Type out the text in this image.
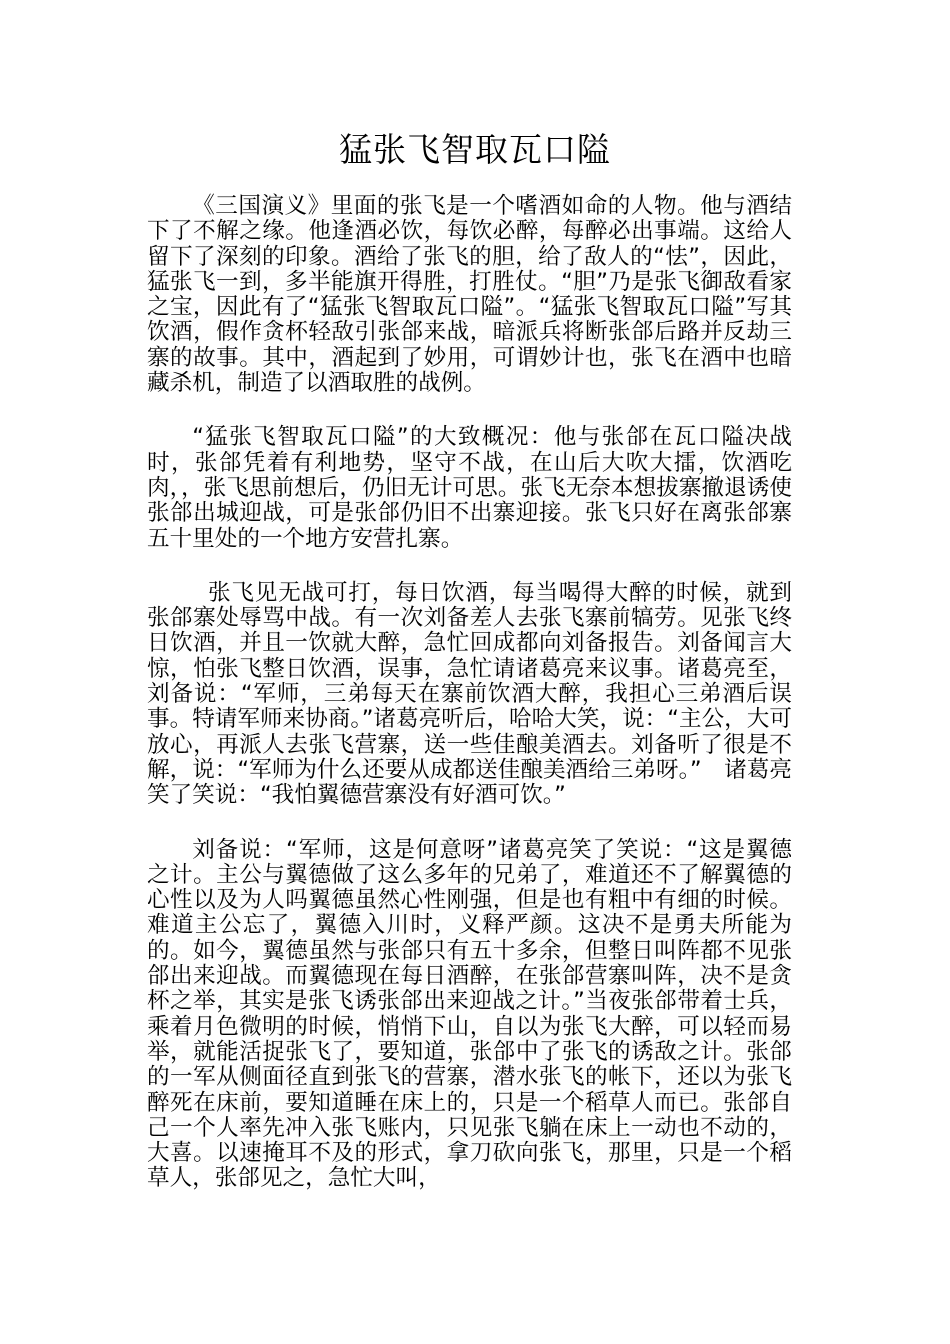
猛张飞智取瓦口隘

《三国演义》里面的张飞是一个嗜酒如命的人物。他与酒结下了不解之缘。他逢酒必饮，每饮必醉，每醉必出事端。这给人留下了深刻的印象。酒给了张飞的胆，给了敌人的“怯”，因此，猛张飞一到，多半能旗开得胜，打胜仗。“胆”乃是张飞御敌看家之宝，因此有了“猛张飞智取瓦口隘”。“猛张飞智取瓦口隘”写其饮酒，假作贪杯轻敌引张郃来战，暗派兵将断张郃后路并反劫三寨的故事。其中，酒起到了妙用，可谓妙计也，张飞在酒中也暗藏杀机，制造了以酒取胜的战例。

“猛张飞智取瓦口隘”的大致概况：他与张郃在瓦口隘决战时，张郃凭着有利地势，坚守不战，在山后大吹大擂，饮酒吃肉，，张飞思前想后，仍旧无计可思。张飞无奈本想拔寨撤退诱使张郃出城迎战，可是张郃仍旧不出寨迎接。张飞只好在离张郃寨五十里处的一个地方安营扎寨。

张飞见无战可打，每日饮酒，每当喝得大醉的时候，就到张郃寨处辱骂中战。有一次刘备差人去张飞寨前犒劳。见张飞终日饮酒，并且一饮就大醉，急忙回成都向刘备报告。刘备闻言大惊，怕张飞整日饮酒，误事，急忙请诸葛亮来议事。诸葛亮至，刘备说：“军师，三弟每天在寨前饮酒大醉，我担心三弟酒后误事。特请军师来协商。”诸葛亮听后，哈哈大笑，说：“主公，大可放心，再派人去张飞营寨，送一些佳酿美酒去。刘备听了很是不解，说：“军师为什么还要从成都送佳酿美酒给三弟呀。”　诸葛亮笑了笑说：“我怕翼德营寨没有好酒可饮。”

刘备说：“军师，这是何意呀”诸葛亮笑了笑说：“这是翼德之计。主公与翼德做了这么多年的兄弟了，难道还不了解翼德的心性以及为人吗翼德虽然心性刚强，但是也有粗中有细的时候。难道主公忘了，翼德入川时，义释严颜。这决不是勇夫所能为的。如今，翼德虽然与张郃只有五十多余，但整日叫阵都不见张郃出来迎战。而翼德现在每日酒醉，在张郃营寨叫阵，决不是贪杯之举，其实是张飞诱张郃出来迎战之计。”当夜张郃带着士兵，乘着月色微明的时候，悄悄下山，自以为张飞大醉，可以轻而易举，就能活捉张飞了，要知道，张郃中了张飞的诱敌之计。张郃的一军从侧面径直到张飞的营寨，潜水张飞的帐下，还以为张飞醉死在床前，要知道睡在床上的，只是一个稻草人而已。张郃自己一个人率先冲入张飞账内，只见张飞躺在床上一动也不动的，大喜。以速掩耳不及的形式，拿刀砍向张飞，那里，只是一个稻草人，张郃见之，急忙大叫，
